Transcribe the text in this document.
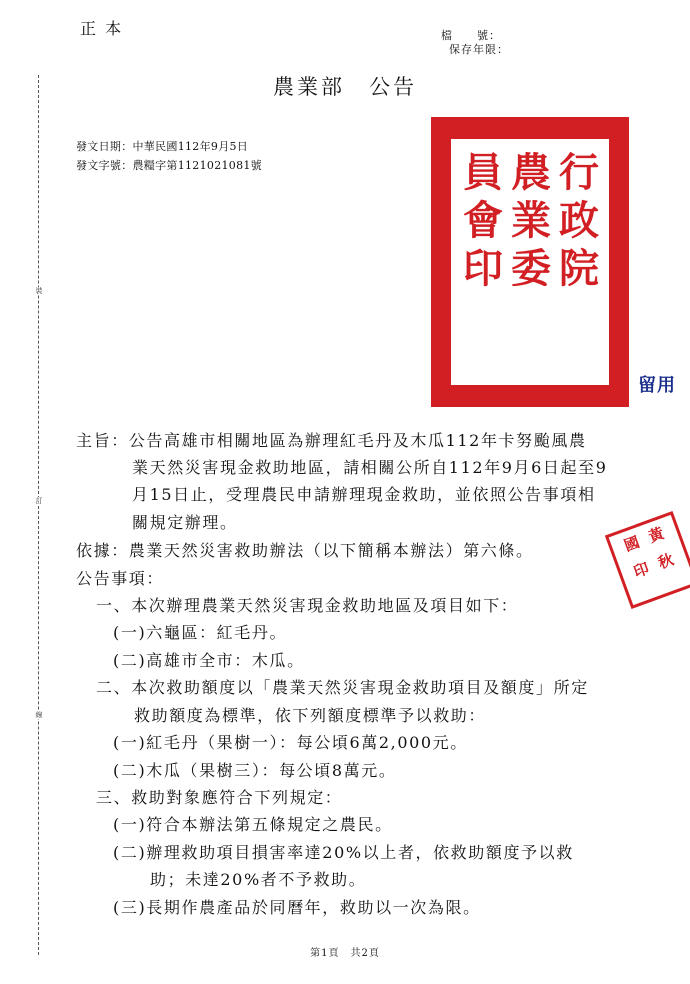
裝
訂
線
正 本	檔　　號：
保存年限：
農業部　公告
發文日期：中華民國112年9月5日
發文字號：農糧字第1121021081號	行
政
院
農
業
委
員
會
印
留用
黃
秋
國
印
主旨：公告高雄市相關地區為辦理紅毛丹及木瓜112年卡努颱風農
業天然災害現金救助地區，請相關公所自112年9月6日起至9
月15日止，受理農民申請辦理現金救助，並依照公告事項相
關規定辦理。
依據：農業天然災害救助辦法（以下簡稱本辦法）第六條。
公告事項：
一、本次辦理農業天然災害現金救助地區及項目如下：
(一)六龜區：紅毛丹。
(二)高雄市全市：木瓜。
二、本次救助額度以「農業天然災害現金救助項目及額度」所定
救助額度為標準，依下列額度標準予以救助：
(一)紅毛丹（果樹一）：每公頃6萬2,000元。
(二)木瓜（果樹三）：每公頃8萬元。
三、救助對象應符合下列規定：
(一)符合本辦法第五條規定之農民。
(二)辦理救助項目損害率達20%以上者，依救助額度予以救
助；未達20%者不予救助。
(三)長期作農產品於同曆年，救助以一次為限。
第1頁　共2頁
